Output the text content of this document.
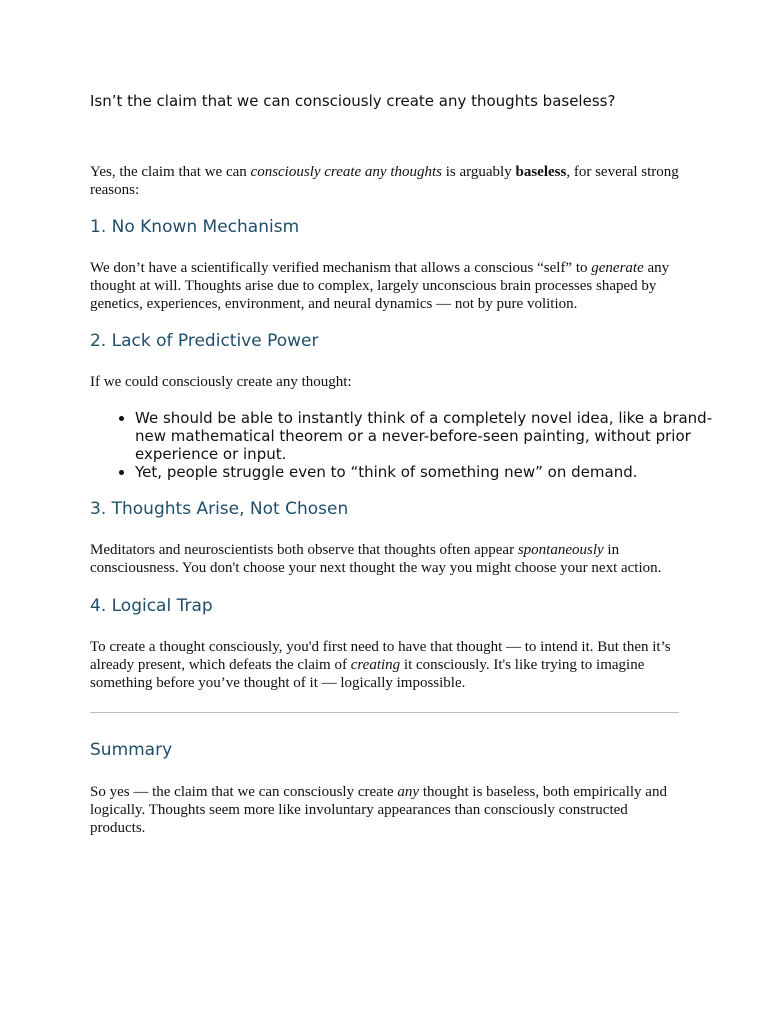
Isn’t the claim that we can consciously create any thoughts baseless?

Yes, the claim that we can consciously create any thoughts is arguably baseless, for several strong reasons:

1. No Known Mechanism

We don’t have a scientifically verified mechanism that allows a conscious “self” to generate any thought at will. Thoughts arise due to complex, largely unconscious brain processes shaped by genetics, experiences, environment, and neural dynamics — not by pure volition.

2. Lack of Predictive Power

If we could consciously create any thought:

• We should be able to instantly think of a completely novel idea, like a brand-new mathematical theorem or a never-before-seen painting, without prior experience or input.
• Yet, people struggle even to “think of something new” on demand.
3. Thoughts Arise, Not Chosen

Meditators and neuroscientists both observe that thoughts often appear spontaneously in consciousness. You don't choose your next thought the way you might choose your next action.

4. Logical Trap

To create a thought consciously, you'd first need to have that thought — to intend it. But then it’s already present, which defeats the claim of creating it consciously. It's like trying to imagine something before you’ve thought of it — logically impossible.

Summary

So yes — the claim that we can consciously create any thought is baseless, both empirically and logically. Thoughts seem more like involuntary appearances than consciously constructed products.
